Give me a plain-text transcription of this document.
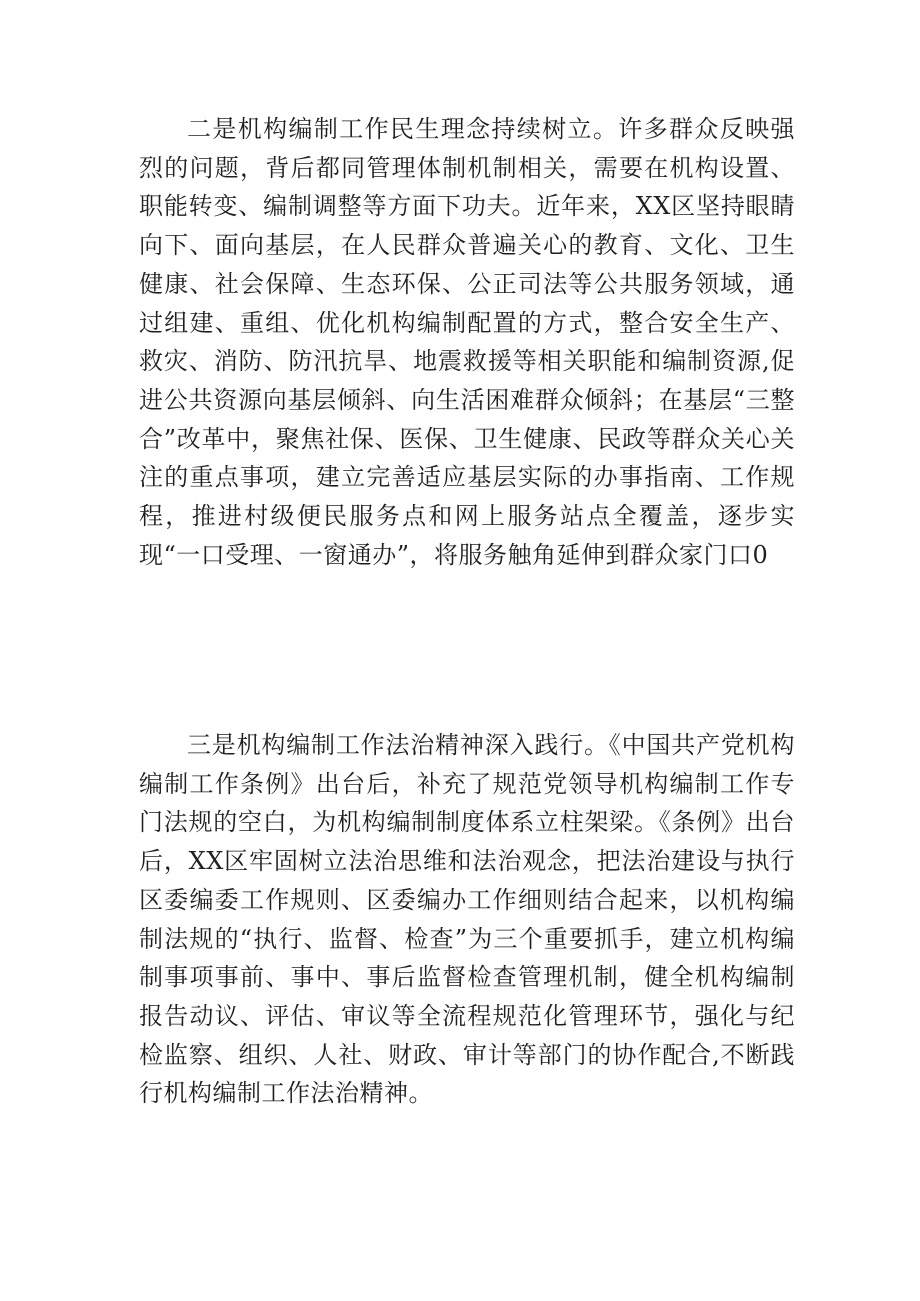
二是机构编制工作民生理念持续树立。许多群众反映强烈的问题，背后都同管理体制机制相关，需要在机构设置、职能转变、编制调整等方面下功夫。近年来，XX区坚持眼睛向下、面向基层，在人民群众普遍关心的教育、文化、卫生健康、社会保障、生态环保、公正司法等公共服务领域，通过组建、重组、优化机构编制配置的方式，整合安全生产、救灾、消防、防汛抗旱、地震救援等相关职能和编制资源,促进公共资源向基层倾斜、向生活困难群众倾斜；在基层“三整合”改革中，聚焦社保、医保、卫生健康、民政等群众关心关注的重点事项，建立完善适应基层实际的办事指南、工作规程，推进村级便民服务点和网上服务站点全覆盖，逐步实现“一口受理、一窗通办”，将服务触角延伸到群众家门口0

三是机构编制工作法治精神深入践行。《中国共产党机构编制工作条例》出台后，补充了规范党领导机构编制工作专门法规的空白，为机构编制制度体系立柱架梁。《条例》出台后，XX区牢固树立法治思维和法治观念，把法治建设与执行区委编委工作规则、区委编办工作细则结合起来，以机构编制法规的“执行、监督、检查”为三个重要抓手，建立机构编制事项事前、事中、事后监督检查管理机制，健全机构编制报告动议、评估、审议等全流程规范化管理环节，强化与纪检监察、组织、人社、财政、审计等部门的协作配合,不断践行机构编制工作法治精神。
